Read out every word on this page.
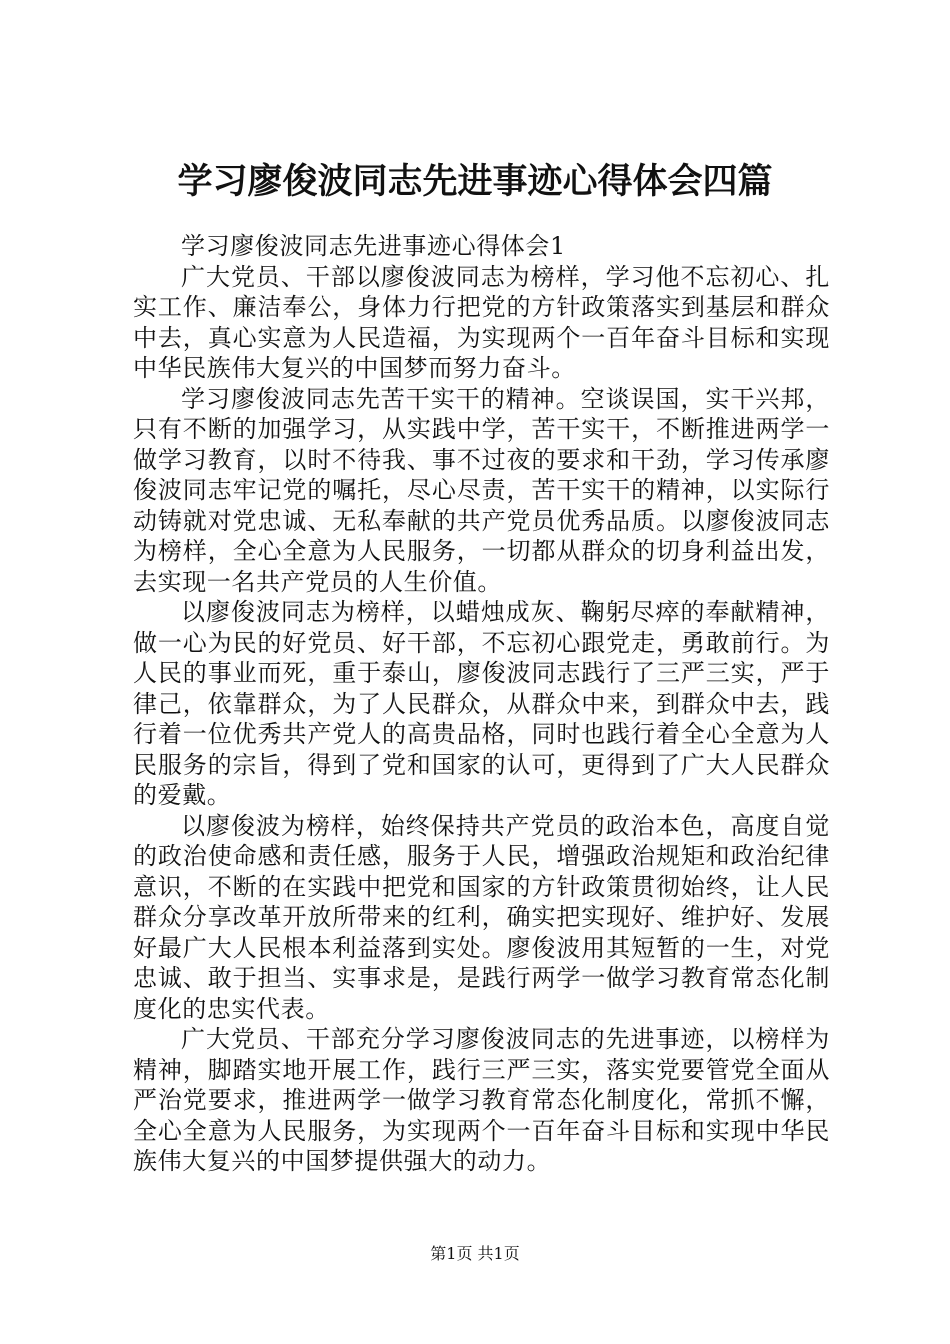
学习廖俊波同志先进事迹心得体会四篇

学习廖俊波同志先进事迹心得体会1

广大党员、干部以廖俊波同志为榜样，学习他不忘初心、扎实工作、廉洁奉公，身体力行把党的方针政策落实到基层和群众中去，真心实意为人民造福，为实现两个一百年奋斗目标和实现中华民族伟大复兴的中国梦而努力奋斗。

学习廖俊波同志先苦干实干的精神。空谈误国，实干兴邦，只有不断的加强学习，从实践中学，苦干实干，不断推进两学一做学习教育，以时不待我、事不过夜的要求和干劲，学习传承廖俊波同志牢记党的嘱托，尽心尽责，苦干实干的精神，以实际行动铸就对党忠诚、无私奉献的共产党员优秀品质。以廖俊波同志为榜样，全心全意为人民服务，一切都从群众的切身利益出发，去实现一名共产党员的人生价值。

以廖俊波同志为榜样，以蜡烛成灰、鞠躬尽瘁的奉献精神，做一心为民的好党员、好干部，不忘初心跟党走，勇敢前行。为人民的事业而死，重于泰山，廖俊波同志践行了三严三实，严于律己，依靠群众，为了人民群众，从群众中来，到群众中去，践行着一位优秀共产党人的高贵品格，同时也践行着全心全意为人民服务的宗旨，得到了党和国家的认可，更得到了广大人民群众的爱戴。

以廖俊波为榜样，始终保持共产党员的政治本色，高度自觉的政治使命感和责任感，服务于人民，增强政治规矩和政治纪律意识，不断的在实践中把党和国家的方针政策贯彻始终，让人民群众分享改革开放所带来的红利，确实把实现好、维护好、发展好最广大人民根本利益落到实处。廖俊波用其短暂的一生，对党忠诚、敢于担当、实事求是，是践行两学一做学习教育常态化制度化的忠实代表。

广大党员、干部充分学习廖俊波同志的先进事迹，以榜样为精神，脚踏实地开展工作，践行三严三实，落实党要管党全面从严治党要求，推进两学一做学习教育常态化制度化，常抓不懈，全心全意为人民服务，为实现两个一百年奋斗目标和实现中华民族伟大复兴的中国梦提供强大的动力。

第1页 共1页
